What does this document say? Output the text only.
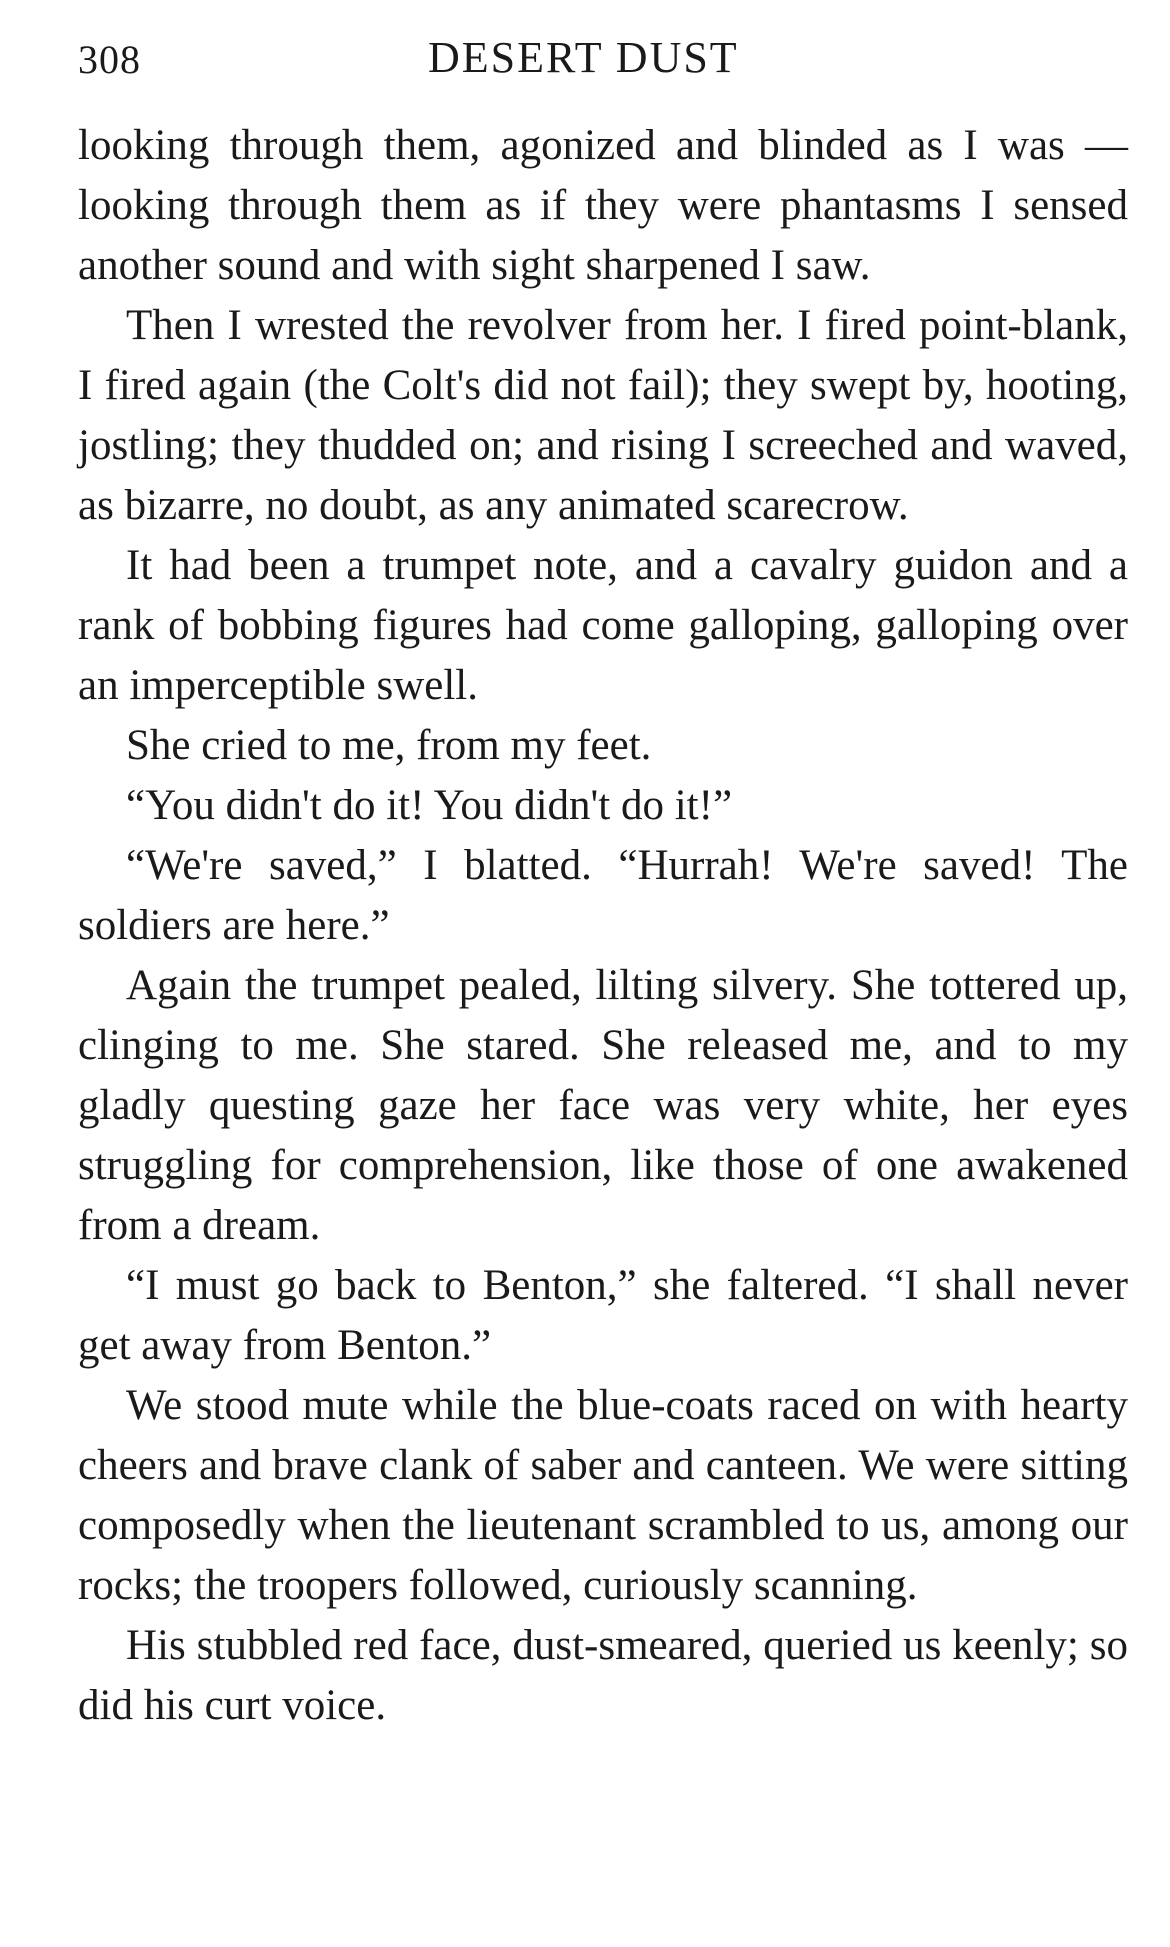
308	DESERT DUST

looking through them, agonized and blinded as I was —looking through them as if they were phantasms I sensed another sound and with sight sharpened I saw.

Then I wrested the revolver from her. I fired point-blank, I fired again (the Colt's did not fail); they swept by, hooting, jostling; they thudded on; and rising I screeched and waved, as bizarre, no doubt, as any animated scarecrow.

It had been a trumpet note, and a cavalry guidon and a rank of bobbing figures had come galloping, galloping over an imperceptible swell.

She cried to me, from my feet.

“You didn't do it! You didn't do it!”

“We're saved,” I blatted. “Hurrah! We're saved! The soldiers are here.”

Again the trumpet pealed, lilting silvery. She tottered up, clinging to me. She stared. She released me, and to my gladly questing gaze her face was very white, her eyes struggling for comprehension, like those of one awakened from a dream.

“I must go back to Benton,” she faltered. “I shall never get away from Benton.”

We stood mute while the blue-coats raced on with hearty cheers and brave clank of saber and canteen. We were sitting composedly when the lieutenant scrambled to us, among our rocks; the troopers followed, curiously scanning.

His stubbled red face, dust-smeared, queried us keenly; so did his curt voice.
